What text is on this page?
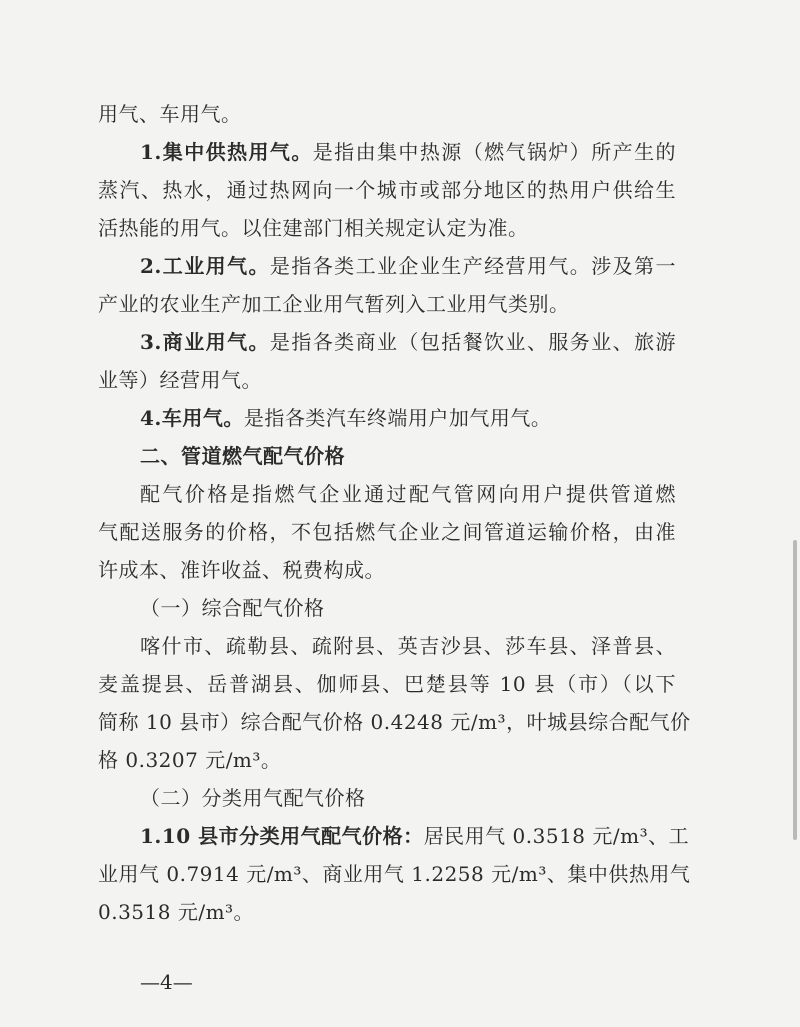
用气、车用气。
1.集中供热用气。是指由集中热源（燃气锅炉）所产生的
蒸汽、热水，通过热网向一个城市或部分地区的热用户供给生
活热能的用气。以住建部门相关规定认定为准。
2.工业用气。是指各类工业企业生产经营用气。涉及第一
产业的农业生产加工企业用气暂列入工业用气类别。
3.商业用气。是指各类商业（包括餐饮业、服务业、旅游
业等）经营用气。
4.车用气。是指各类汽车终端用户加气用气。
二、管道燃气配气价格
配气价格是指燃气企业通过配气管网向用户提供管道燃
气配送服务的价格，不包括燃气企业之间管道运输价格，由准
许成本、准许收益、税费构成。
（一）综合配气价格
喀什市、疏勒县、疏附县、英吉沙县、莎车县、泽普县、
麦盖提县、岳普湖县、伽师县、巴楚县等 10 县（市）（以下
简称 10 县市）综合配气价格 0.4248 元/m³，叶城县综合配气价
格 0.3207 元/m³。
（二）分类用气配气价格
1.10 县市分类用气配气价格：居民用气 0.3518 元/m³、工
业用气 0.7914 元/m³、商业用气 1.2258 元/m³、集中供热用气
0.3518 元/m³。
—4—
